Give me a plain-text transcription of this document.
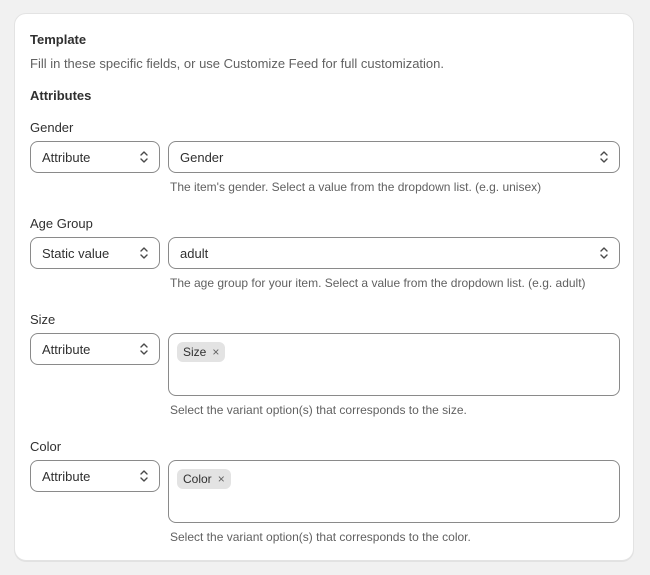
Template
Fill in these specific fields, or use Customize Feed for full customization.
Attributes
Gender
Attribute	Gender
The item's gender. Select a value from the dropdown list. (e.g. unisex)
Age Group
Static value	adult
The age group for your item. Select a value from the dropdown list. (e.g. adult)
Size
Attribute	Size ×
Select the variant option(s) that corresponds to the size.
Color
Attribute	Color ×
Select the variant option(s) that corresponds to the color.
